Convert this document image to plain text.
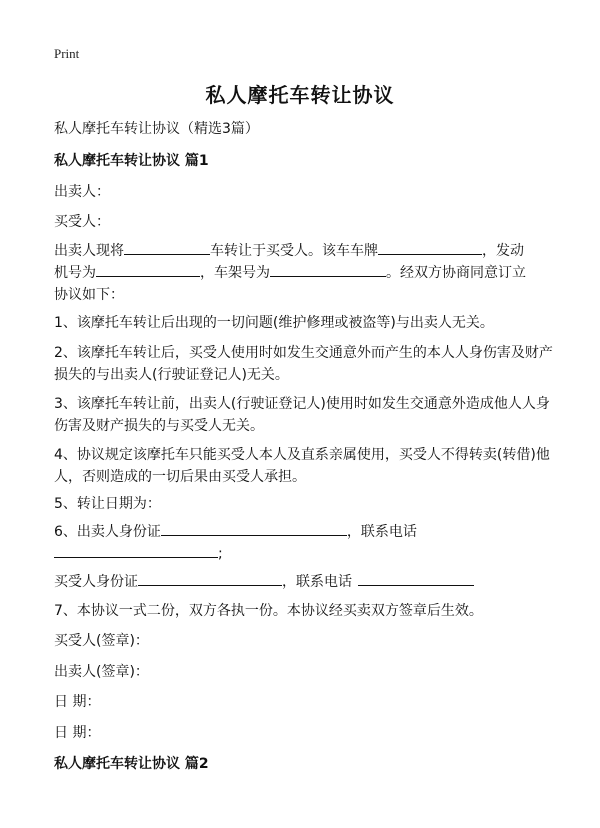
Print
私人摩托车转让协议
私人摩托车转让协议（精选3篇）
私人摩托车转让协议 篇1
出卖人：
买受人：
出卖人现将	车转让于买受人。该车车牌	，发动
机号为	，车架号为	。经双方协商同意订立
协议如下：
1、该摩托车转让后出现的一切问题(维护修理或被盗等)与出卖人无关。
2、该摩托车转让后，买受人使用时如发生交通意外而产生的本人人身伤害及财产
损失的与出卖人(行驶证登记人)无关。
3、该摩托车转让前，出卖人(行驶证登记人)使用时如发生交通意外造成他人人身
伤害及财产损失的与买受人无关。
4、协议规定该摩托车只能买受人本人及直系亲属使用，买受人不得转卖(转借)他
人，否则造成的一切后果由买受人承担。
5、转让日期为：
6、出卖人身份证	，联系电话
;
买受人身份证	，联系电话
7、本协议一式二份，双方各执一份。本协议经买卖双方签章后生效。
买受人(签章)：
出卖人(签章)：
日 期：
日 期：
私人摩托车转让协议 篇2
